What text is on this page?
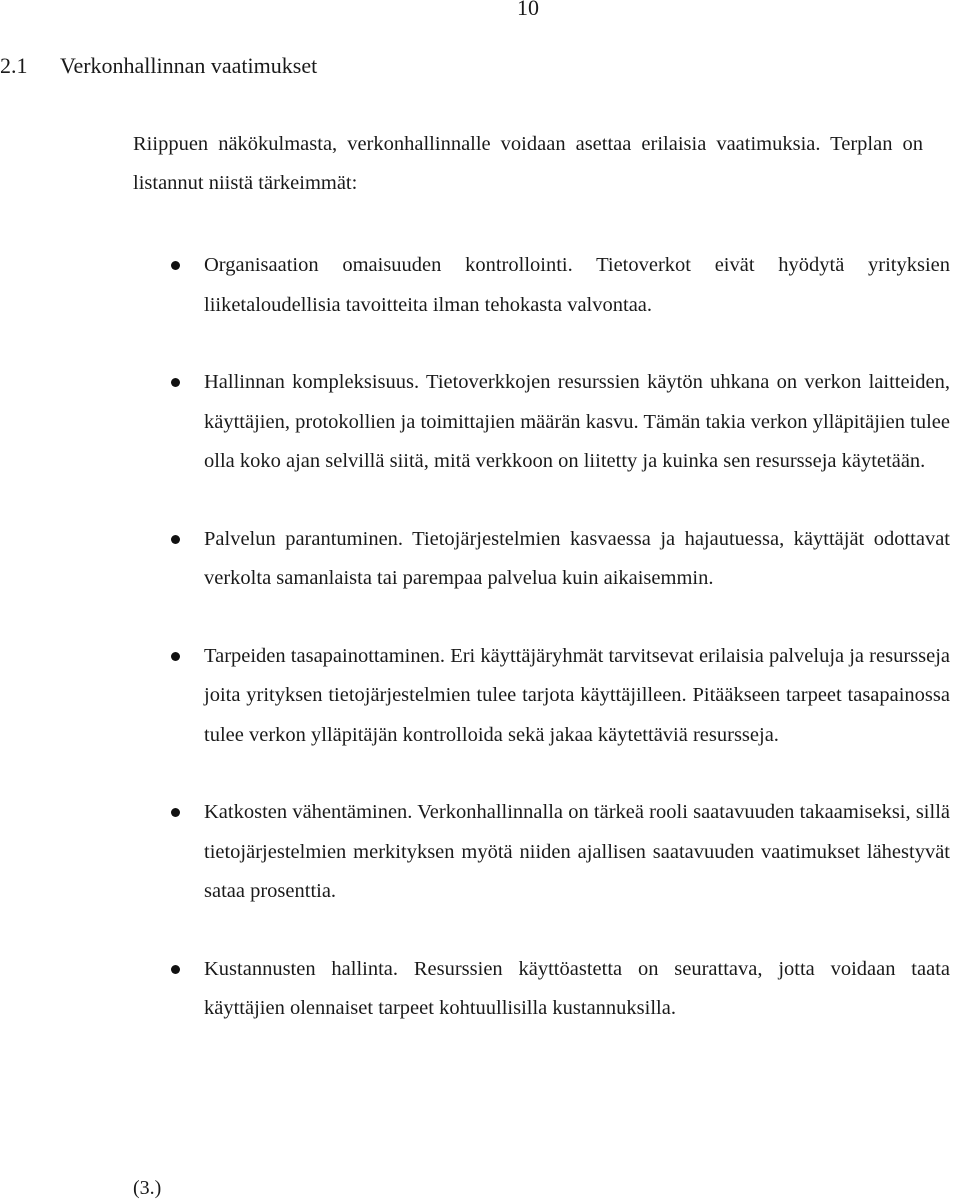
10
2.1 Verkonhallinnan vaatimukset

Riippuen näkökulmasta, verkonhallinnalle voidaan asettaa erilaisia vaatimuksia. Terplan on listannut niistä tärkeimmät:

Organisaation omaisuuden kontrollointi. Tietoverkot eivät hyödytä yrityksien liiketaloudellisia tavoitteita ilman tehokasta valvontaa.
Hallinnan kompleksisuus. Tietoverkkojen resurssien käytön uhkana on verkon laitteiden, käyttäjien, protokollien ja toimittajien määrän kasvu. Tämän takia verkon ylläpitäjien tulee olla koko ajan selvillä siitä, mitä verkkoon on liitetty ja kuinka sen resursseja käytetään.
Palvelun parantuminen. Tietojärjestelmien kasvaessa ja hajautuessa, käyttäjät odottavat verkolta samanlaista tai parempaa palvelua kuin aikaisemmin.
Tarpeiden tasapainottaminen. Eri käyttäjäryhmät tarvitsevat erilaisia palveluja ja resursseja joita yrityksen tietojärjestelmien tulee tarjota käyttäjilleen. Pitääkseen tarpeet tasapainossa tulee verkon ylläpitäjän kontrolloida sekä jakaa käytettäviä resursseja.
Katkosten vähentäminen. Verkonhallinnalla on tärkeä rooli saatavuuden takaamiseksi, sillä tietojärjestelmien merkityksen myötä niiden ajallisen saatavuuden vaatimukset lähestyvät sataa prosenttia.
Kustannusten hallinta. Resurssien käyttöastetta on seurattava, jotta voidaan taata käyttäjien olennaiset tarpeet kohtuullisilla kustannuksilla.
(3.)
